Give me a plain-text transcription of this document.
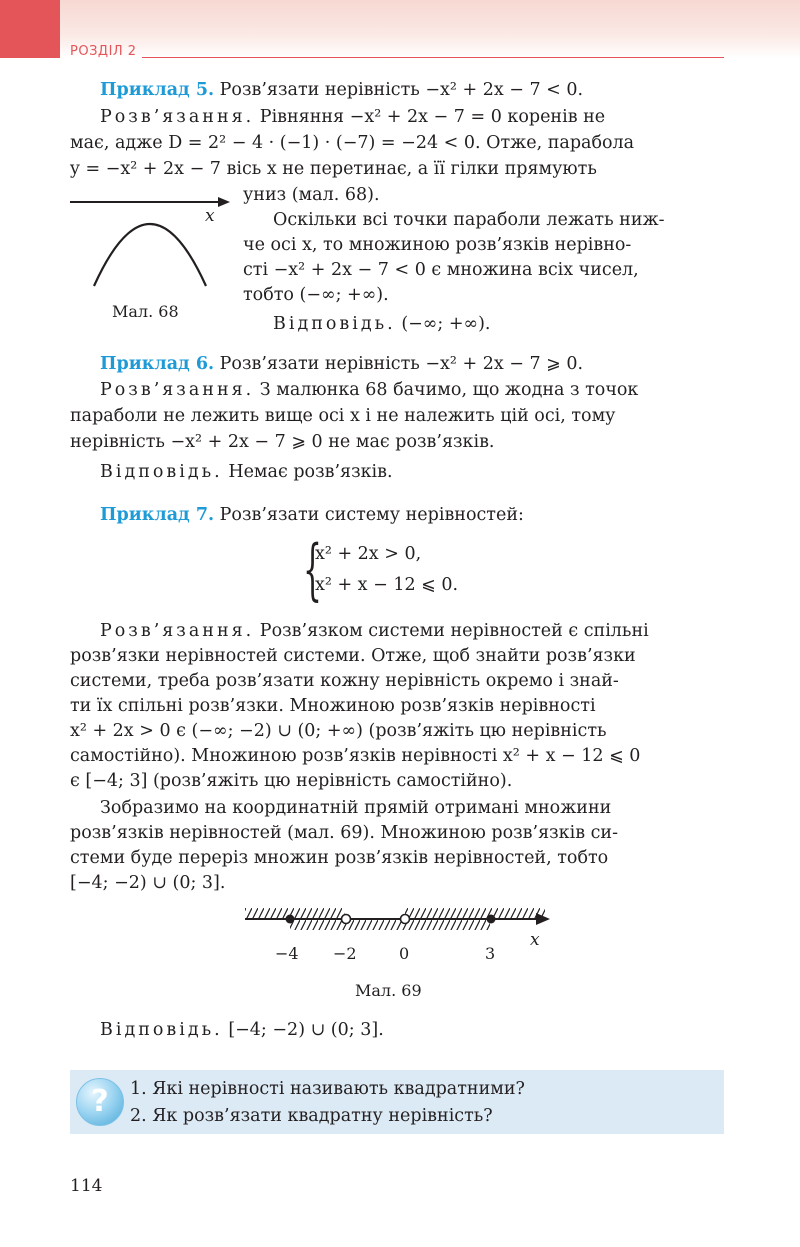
РОЗДІЛ 2

Приклад 5. Розв’язати нерівність −x² + 2x − 7 < 0.

Розв’язання. Рівняння −x² + 2x − 7 = 0 коренів не

має, адже D = 2² − 4 · (−1) · (−7) = −24 < 0. Отже, парабола

y = −x² + 2x − 7 вісь x не перетинає, а її гілки прямують

униз (мал. 68).

Оскільки всі точки параболи лежать ниж-

че осі x, то множиною розв’язків нерівно-

сті −x² + 2x − 7 < 0 є множина всіх чисел,

тобто (−∞; +∞).

Відповідь. (−∞; +∞).

x
Мал. 68

Приклад 6. Розв’язати нерівність −x² + 2x − 7 ⩾ 0.

Розв’язання. З малюнка 68 бачимо, що жодна з точок

параболи не лежить вище осі x і не належить цій осі, тому

нерівність −x² + 2x − 7 ⩾ 0 не має розв’язків.

Відповідь. Немає розв’язків.

Приклад 7. Розв’язати систему нерівностей:

{
x² + 2x > 0,
x² + x − 12 ⩽ 0.

Розв’язання. Розв’язком системи нерівностей є спільні

розв’язки нерівностей системи. Отже, щоб знайти розв’язки

системи, треба розв’язати кожну нерівність окремо і знай-

ти їх спільні розв’язки. Множиною розв’язків нерівності

x² + 2x > 0 є (−∞; −2) ∪ (0; +∞) (розв’яжіть цю нерівність

самостійно). Множиною розв’язків нерівності x² + x − 12 ⩽ 0

є [−4; 3] (розв’яжіть цю нерівність самостійно).

Зобразимо на координатній прямій отримані множини

розв’язків нерівностей (мал. 69). Множиною розв’язків си-

стеми буде переріз множин розв’язків нерівностей, тобто

[−4; −2) ∪ (0; 3].

−4 −2	0	3
x
Мал. 69

Відповідь. [−4; −2) ∪ (0; 3].

?	1. Які нерівності називають квадратними?
2. Як розв’язати квадратну нерівність?
114
